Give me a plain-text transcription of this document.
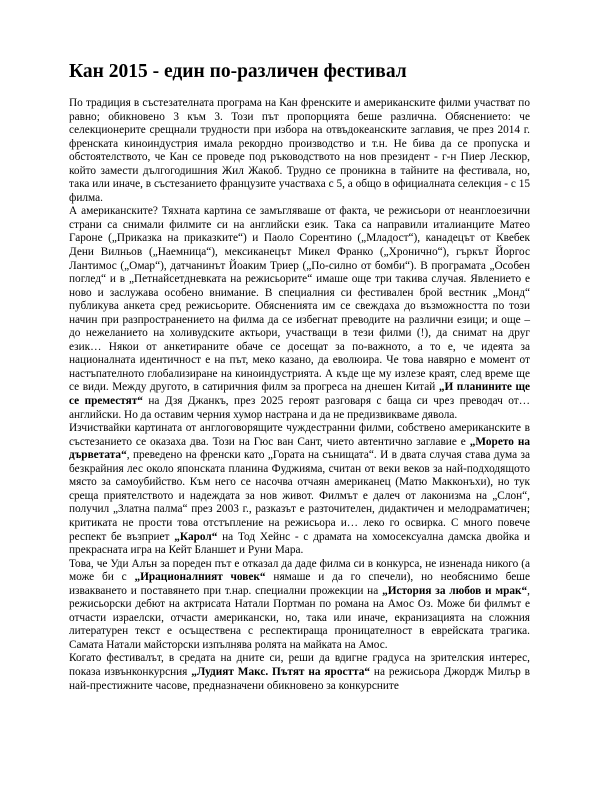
Кан 2015 - един по-различен фестивал

По традиция в състезателната програма на Кан френските и американските филми участват по равно; обикновено 3 към 3. Този път пропорцията беше различна. Обяснението: че селекционерите срещнали трудности при избора на отвъдокеанските заглавия, че през 2014 г. френската киноиндустрия имала рекордно производство и т.н. Не бива да се пропуска и обстоятелството, че Кан се проведе под ръководството на нов президент - г-н Пиер Лескюр, който замести дългогодишния Жил Жакоб. Трудно се проникна в тайните на фестивала, но, така или иначе, в състезанието французите участваха с 5, а общо в официалната селекция - с 15 филма.

А американските? Тяхната картина се замъгляваше от факта, че режисьори от неанглоезични страни са снимали филмите си на английски език. Така са направили италианците Матео Гароне („Приказка на приказките“) и Паоло Сорентино („Младост“), канадецът от Квебек Дени Вилньов („Наемница“), мексиканецът Микел Франко („Хронично“), гъркът Йоргос Лантимос („Омар“), датчанинът Йоаким Триер („По-силно от бомби“). В програмата „Особен поглед“ и в „Петнайсетдневката на режисьорите“ имаше още три такива случая. Явлението е ново и заслужава особено внимание. В специалния си фестивален брой вестник „Монд“ публикува анкета сред режисьорите. Обясненията им се свеждаха до възможността по този начин при разпространението на филма да се избегнат преводите на различни езици; и още – до нежеланието на холивудските актьори, участващи в тези филми (!), да снимат на друг език… Някои от анкетираните обаче се досещат за по-важното, а то е, че идеята за националната идентичност е на път, меко казано, да еволюира. Че това навярно е момент от настъпателното глобализиране на киноиндустрията. А къде ще му излезе краят, след време ще се види. Между другото, в сатиричния филм за прогреса на днешен Китай „И планините ще се преместят“ на Дзя Джанкъ, през 2025 героят разговаря с баща си чрез преводач от… английски. Но да оставим черния хумор настрана и да не предизвикваме дявола.

Изчиствайки картината от англоговорящите чуждестранни филми, собствено американските в състезанието се оказаха два. Този на Гюс ван Сант, чието автентично заглавие е „Морето на дърветата“, преведено на френски като „Гората на сънищата“. И в двата случая става дума за безкрайния лес около японската планина Фуджияма, считан от веки веков за най-подходящото място за самоубийство. Към него се насочва отчаян американец (Матю Макконъхи), но тук среща приятелството и надеждата за нов живот. Филмът е далеч от лаконизма на „Слон“, получил „Златна палма“ през 2003 г., разказът е разточителен, дидактичен и мелодраматичен; критиката не прости това отстъпление на режисьора и… леко го освирка. С много повече респект бе възприет „Карол“ на Тод Хейнс - с драмата на хомосексуална дамска двойка и прекрасната игра на Кейт Бланшет и Руни Мара.

Това, че Уди Алън за пореден път е отказал да даде филма си в конкурса, не изненада никого (а може би с „Ирационалният човек“ нямаше и да го спечели), но необяснимо беше извакването и поставянето при т.нар. специални прожекции на „История за любов и мрак“, режисьорски дебют на актрисата Натали Портман по романа на Амос Оз. Може би филмът е отчасти израелски, отчасти американски, но, така или иначе, екранизацията на сложния литературен текст е осъществена с респектираща проницателност в еврейската трагика. Самата Натали майсторски изпълнява ролята на майката на Амос.

Когато фестивалът, в средата на дните си, реши да вдигне градуса на зрителския интерес, показа извънконкурсния „Лудият Макс. Пътят на яростта“ на режисьора Джордж Милър в най-престижните часове, предназначени обикновено за конкурсните
